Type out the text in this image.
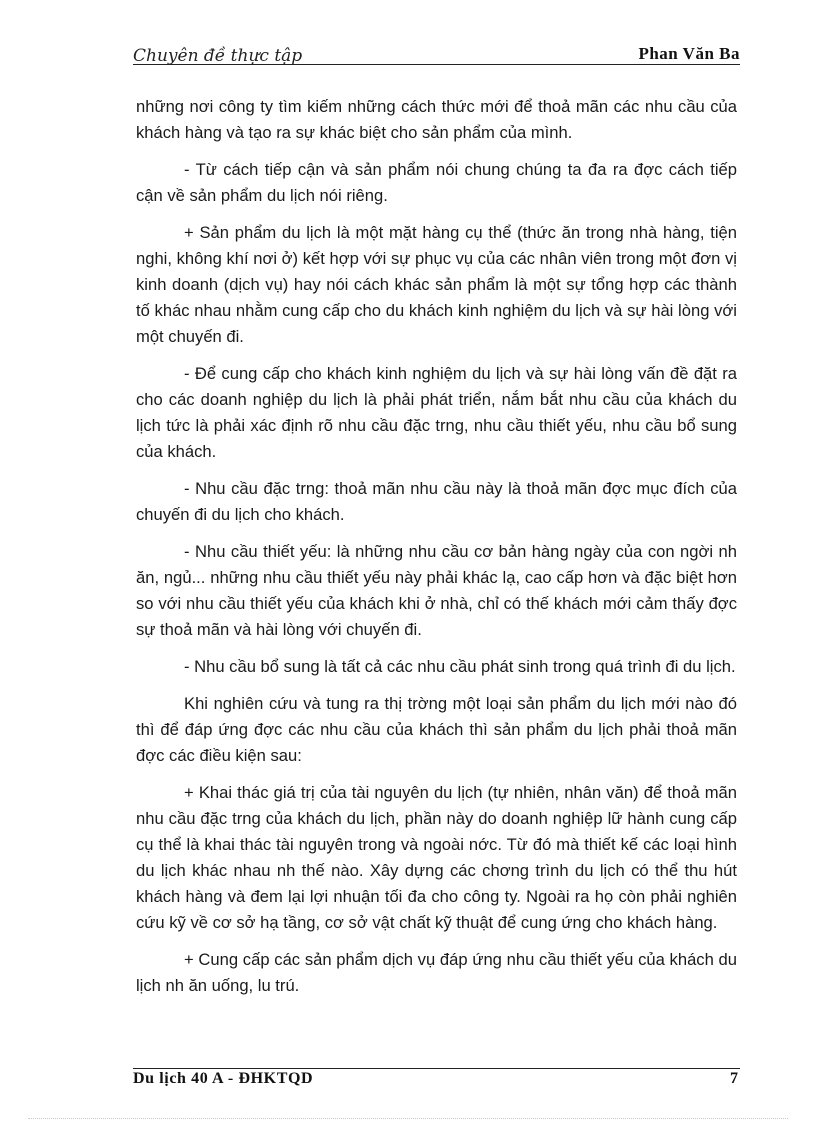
Chuyên đề thực tập	Phan Văn Ba

những nơi công ty tìm kiếm những cách thức mới để thoả mãn các nhu cầu của khách hàng và tạo ra sự khác biệt cho sản phẩm của mình.

- Từ cách tiếp cận và sản phẩm nói chung chúng ta đa ra đợc cách tiếp cận về sản phẩm du lịch nói riêng.

+ Sản phẩm du lịch là một mặt hàng cụ thể (thức ăn trong nhà hàng, tiện nghi, không khí nơi ở) kết hợp với sự phục vụ của các nhân viên trong một đơn vị kinh doanh (dịch vụ) hay nói cách khác sản phẩm là một sự tổng hợp các thành tố khác nhau nhằm cung cấp cho du khách kinh nghiệm du lịch và sự hài lòng với một chuyến đi.

- Để cung cấp cho khách kinh nghiệm du lịch và sự hài lòng vấn đề đặt ra cho các doanh nghiệp du lịch là phải phát triển, nắm bắt nhu cầu của khách du lịch tức là phải xác định rõ nhu cầu đặc trng, nhu cầu thiết yếu, nhu cầu bổ sung của khách.

- Nhu cầu đặc trng: thoả mãn nhu cầu này là thoả mãn đợc mục đích của chuyến đi du lịch cho khách.

- Nhu cầu thiết yếu: là những nhu cầu cơ bản hàng ngày của con ngời nh ăn, ngủ... những nhu cầu thiết yếu này phải khác lạ, cao cấp hơn và đặc biệt hơn so với nhu cầu thiết yếu của khách khi ở nhà, chỉ có thế khách mới cảm thấy đợc sự thoả mãn và hài lòng với chuyến đi.

- Nhu cầu bổ sung là tất cả các nhu cầu phát sinh trong quá trình đi du lịch.

Khi nghiên cứu và tung ra thị trờng một loại sản phẩm du lịch mới nào đó thì để đáp ứng đợc các nhu cầu của khách thì sản phẩm du lịch phải thoả mãn đợc các điều kiện sau:

+ Khai thác giá trị của tài nguyên du lịch (tự nhiên, nhân văn) để thoả mãn nhu cầu đặc trng của khách du lịch, phần này do doanh nghiệp lữ hành cung cấp cụ thể là khai thác tài nguyên trong và ngoài nớc. Từ đó mà thiết kế các loại hình du lịch khác nhau nh thế nào. Xây dựng các chơng trình du lịch có thể thu hút khách hàng và đem lại lợi nhuận tối đa cho công ty. Ngoài ra họ còn phải nghiên cứu kỹ về cơ sở hạ tầng, cơ sở vật chất kỹ thuật để cung ứng cho khách hàng.

+ Cung cấp các sản phẩm dịch vụ đáp ứng nhu cầu thiết yếu của khách du lịch nh ăn uống, lu trú.

Du lịch 40 A - ĐHKTQD	7
